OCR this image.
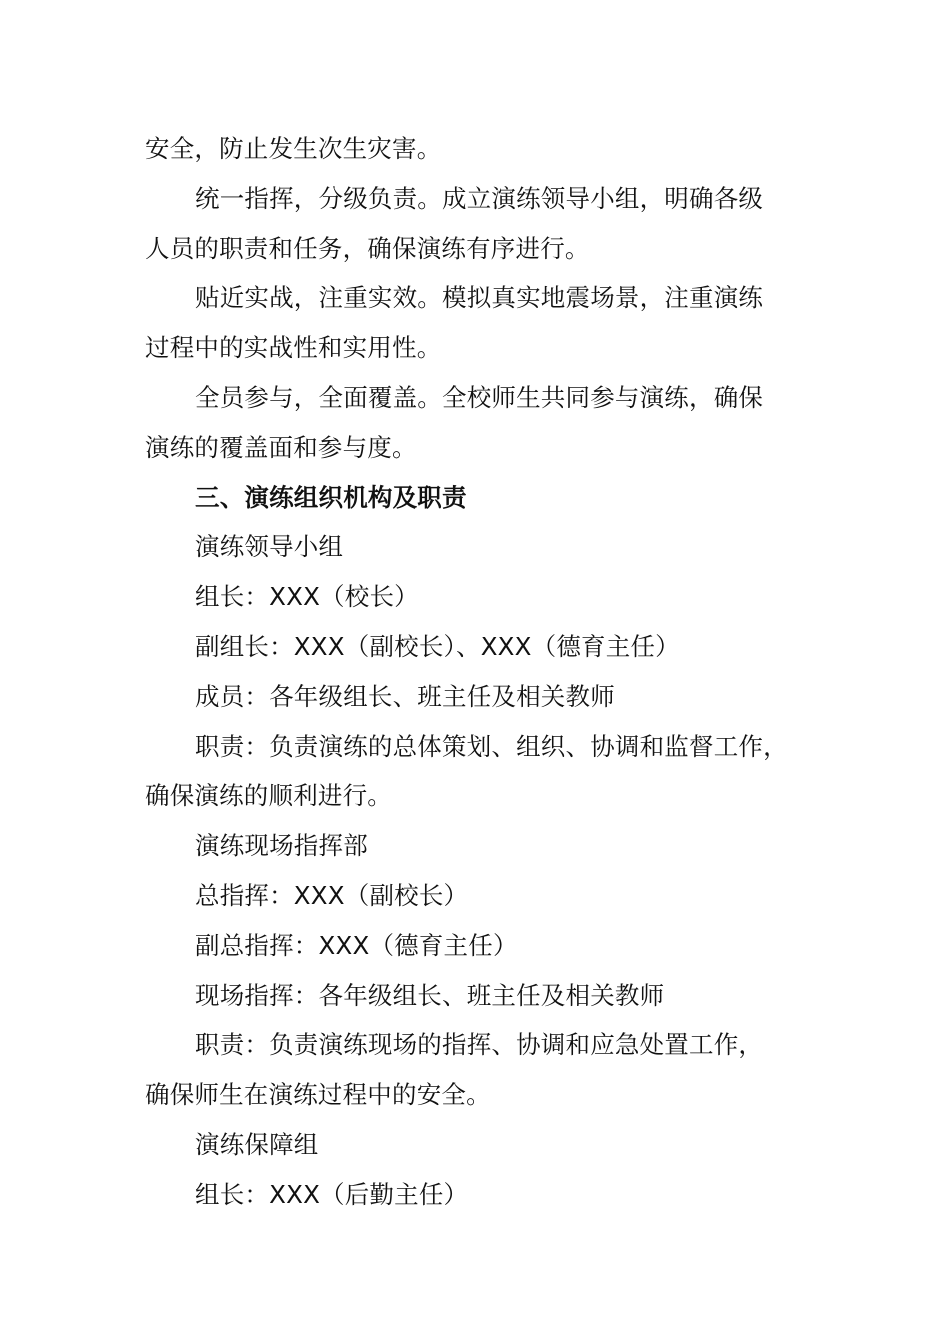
安全，防止发生次生灾害。
统一指挥，分级负责。成立演练领导小组，明确各级
人员的职责和任务，确保演练有序进行。
贴近实战，注重实效。模拟真实地震场景，注重演练
过程中的实战性和实用性。
全员参与，全面覆盖。全校师生共同参与演练，确保
演练的覆盖面和参与度。
三、演练组织机构及职责
演练领导小组
组长：XXX（校长）
副组长：XXX（副校长）、XXX（德育主任）
成员：各年级组长、班主任及相关教师
职责：负责演练的总体策划、组织、协调和监督工作，
确保演练的顺利进行。
演练现场指挥部
总指挥：XXX（副校长）
副总指挥：XXX（德育主任）
现场指挥：各年级组长、班主任及相关教师
职责：负责演练现场的指挥、协调和应急处置工作，
确保师生在演练过程中的安全。
演练保障组
组长：XXX（后勤主任）
